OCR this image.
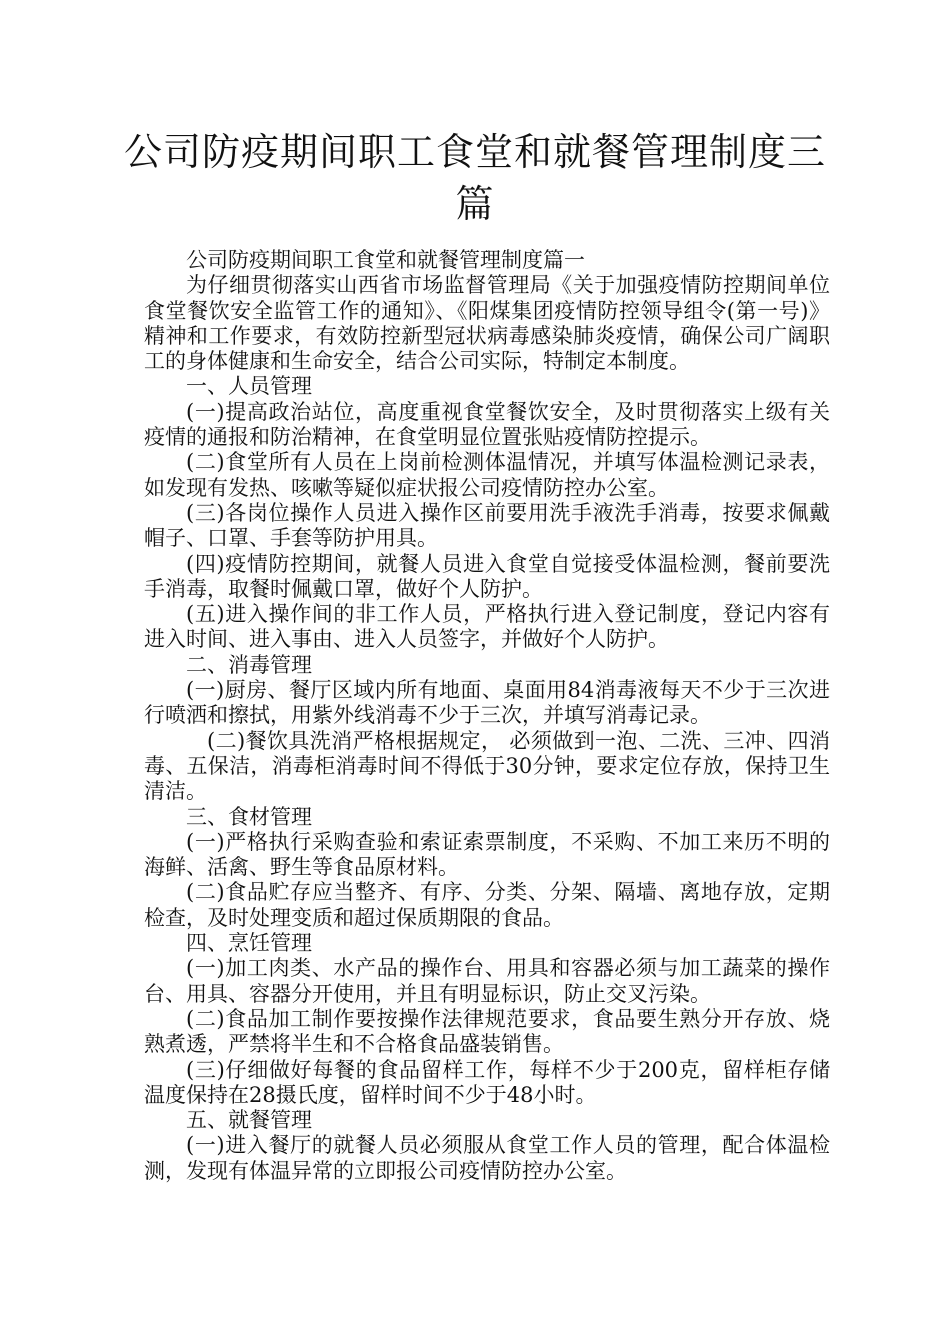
公司防疫期间职工食堂和就餐管理制度三
篇

公司防疫期间职工食堂和就餐管理制度篇一

为仔细贯彻落实山西省市场监督管理局《关于加强疫情防控期间单位食堂餐饮安全监管工作的通知》、《阳煤集团疫情防控领导组令(第一号)》精神和工作要求，有效防控新型冠状病毒感染肺炎疫情，确保公司广阔职工的身体健康和生命安全，结合公司实际，特制定本制度。

一、人员管理

(一)提高政治站位，高度重视食堂餐饮安全，及时贯彻落实上级有关疫情的通报和防治精神，在食堂明显位置张贴疫情防控提示。

(二)食堂所有人员在上岗前检测体温情况，并填写体温检测记录表，如发现有发热、咳嗽等疑似症状报公司疫情防控办公室。

(三)各岗位操作人员进入操作区前要用洗手液洗手消毒，按要求佩戴帽子、口罩、手套等防护用具。

(四)疫情防控期间，就餐人员进入食堂自觉接受体温检测，餐前要洗手消毒，取餐时佩戴口罩，做好个人防护。

(五)进入操作间的非工作人员，严格执行进入登记制度，登记内容有进入时间、进入事由、进入人员签字，并做好个人防护。

二、消毒管理

(一)厨房、餐厅区域内所有地面、桌面用84消毒液每天不少于三次进行喷洒和擦拭，用紫外线消毒不少于三次，并填写消毒记录。

(二)餐饮具洗消严格根据规定， 必须做到一泡、二洗、三冲、四消毒、五保洁，消毒柜消毒时间不得低于30分钟，要求定位存放，保持卫生清洁。

三、食材管理

(一)严格执行采购查验和索证索票制度，不采购、不加工来历不明的海鲜、活禽、野生等食品原材料。

(二)食品贮存应当整齐、有序、分类、分架、隔墙、离地存放，定期检查，及时处理变质和超过保质期限的食品。

四、烹饪管理

(一)加工肉类、水产品的操作台、用具和容器必须与加工蔬菜的操作台、用具、容器分开使用，并且有明显标识，防止交叉污染。

(二)食品加工制作要按操作法律规范要求，食品要生熟分开存放、烧熟煮透，严禁将半生和不合格食品盛装销售。

(三)仔细做好每餐的食品留样工作，每样不少于200克，留样柜存储温度保持在28摄氏度，留样时间不少于48小时。

五、就餐管理

(一)进入餐厅的就餐人员必须服从食堂工作人员的管理，配合体温检测，发现有体温异常的立即报公司疫情防控办公室。
